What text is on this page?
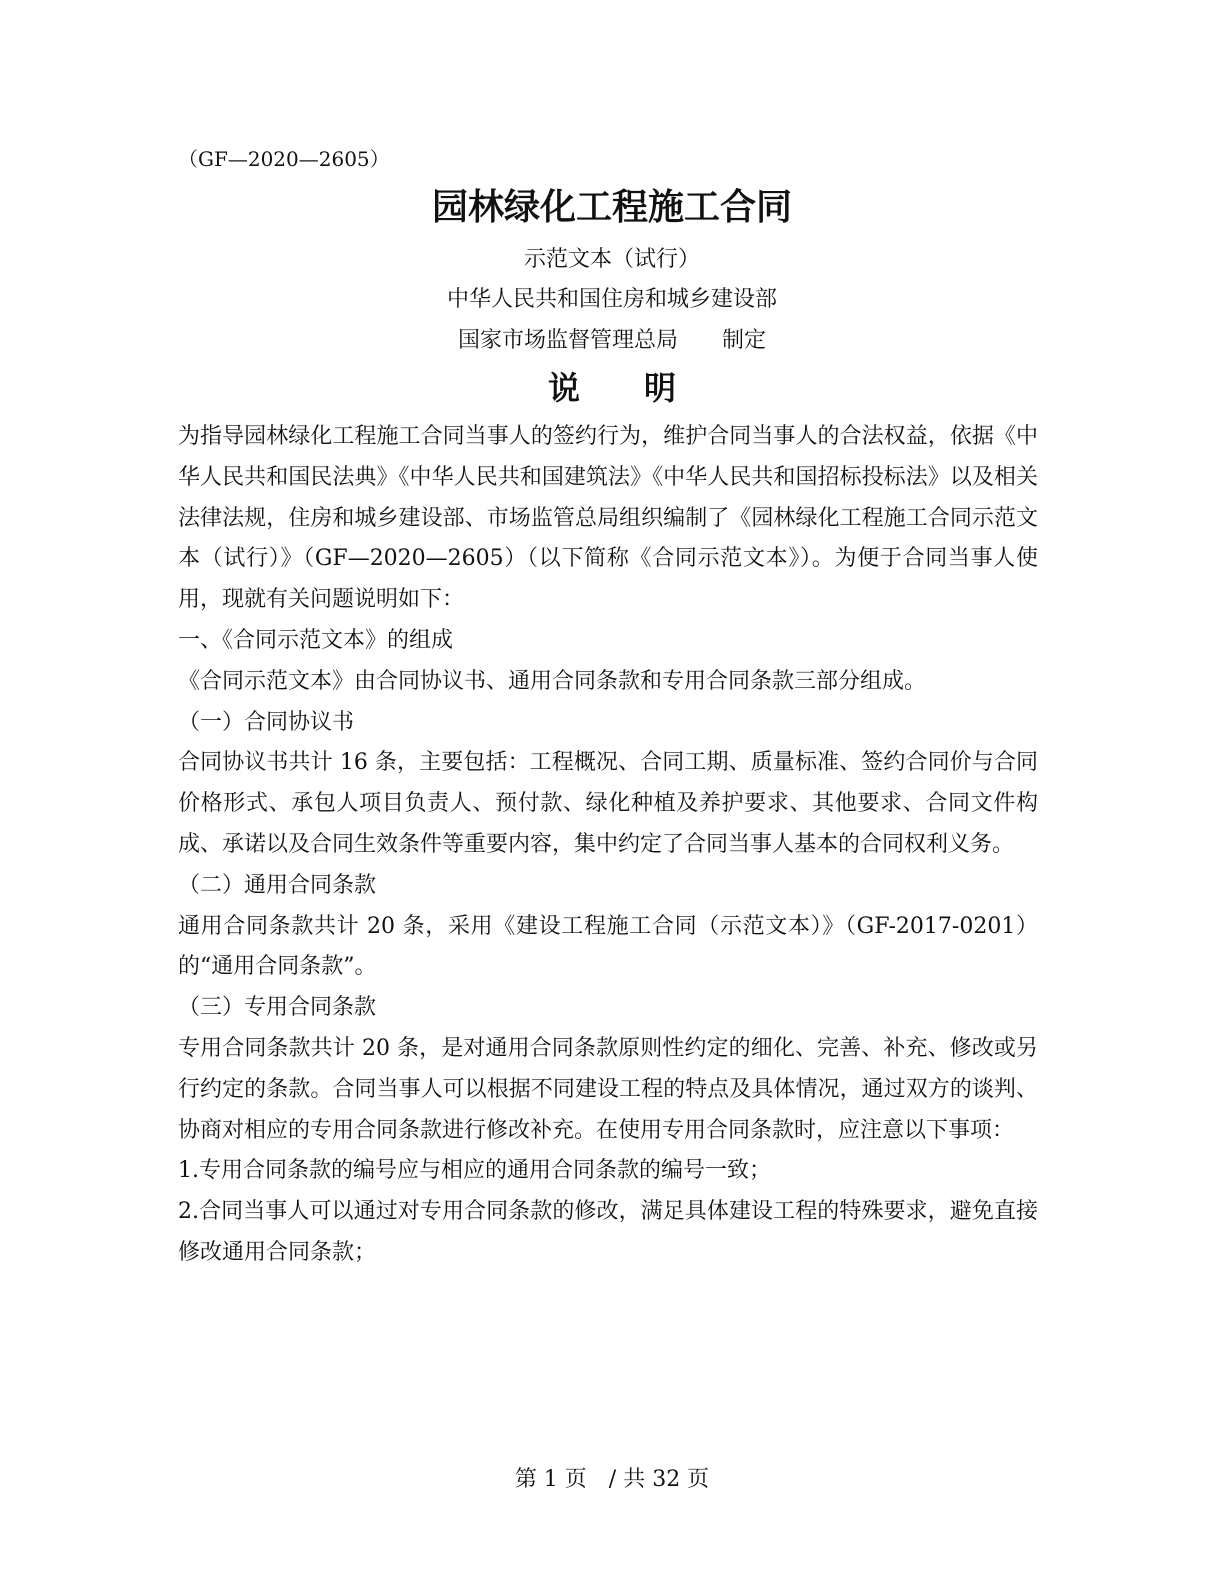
（GF—2020—2605）
园林绿化工程施工合同
示范文本（试行）
中华人民共和国住房和城乡建设部
国家市场监督管理总局　　制定
说　　明

为指导园林绿化工程施工合同当事人的签约行为，维护合同当事人的合法权益，依据《中华人民共和国民法典》《中华人民共和国建筑法》《中华人民共和国招标投标法》以及相关法律法规，住房和城乡建设部、市场监管总局组织编制了《园林绿化工程施工合同示范文本（试行）》（GF—2020—2605）（以下简称《合同示范文本》）。为便于合同当事人使用，现就有关问题说明如下：

一、《合同示范文本》的组成

《合同示范文本》由合同协议书、通用合同条款和专用合同条款三部分组成。

（一）合同协议书

合同协议书共计 16 条，主要包括：工程概况、合同工期、质量标准、签约合同价与合同价格形式、承包人项目负责人、预付款、绿化种植及养护要求、其他要求、合同文件构成、承诺以及合同生效条件等重要内容，集中约定了合同当事人基本的合同权利义务。

（二）通用合同条款

通用合同条款共计 20 条，采用《建设工程施工合同（示范文本）》（GF-2017-0201）的“通用合同条款”。

（三）专用合同条款

专用合同条款共计 20 条，是对通用合同条款原则性约定的细化、完善、补充、修改或另行约定的条款。合同当事人可以根据不同建设工程的特点及具体情况，通过双方的谈判、协商对相应的专用合同条款进行修改补充。在使用专用合同条款时，应注意以下事项：

1.专用合同条款的编号应与相应的通用合同条款的编号一致；

2.合同当事人可以通过对专用合同条款的修改，满足具体建设工程的特殊要求，避免直接修改通用合同条款；

第 1 页　/ 共 32 页
